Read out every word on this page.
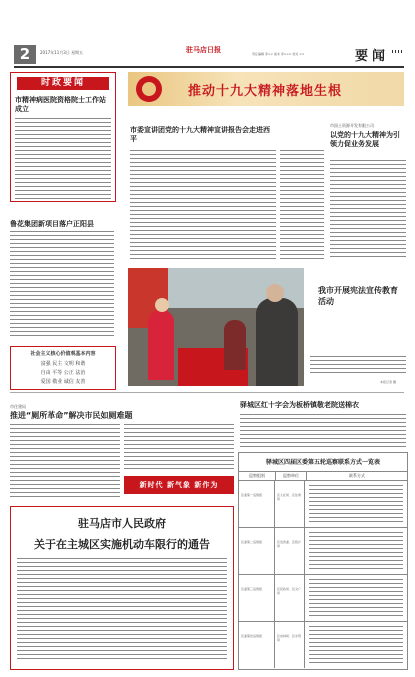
2	2017年11月3日 星期五	驻马店日报	责任编辑 李×× 美术 李××× 校对 ××	要闻
时政要闻
市精神病医院资格院士工作站成立
鲁花集团新项目落户正阳县
社会主义核心价值观基本内容
富强 民主 文明 和谐
自由 平等 公正 法治
爱国 敬业 诚信 友善
推动十九大精神落地生根
市委宣讲团党的十九大精神宣讲报告会走进西平
市国土资源开发有限公司
以党的十九大精神为引领力促业务发展
我市开展宪法宣传教育活动
本报记者 摄
市住建局
推进“厕所革命”解决市民如厕难题
新时代 新气象 新作为
驿城区红十字会为板桥镇敬老院送棉衣
驻马店市人民政府
关于在主城区实施机动车限行的通告
驿城区四届区委第五轮巡察联系方式一览表
巡察组别	巡察单位	联系方式
区委第一巡察组	区人社局、区住建局
区委第二巡察组	区发改委、区统计局
区委第三巡察组	区民政局、区文广局
区委第四巡察组	区农林局、区水利局
